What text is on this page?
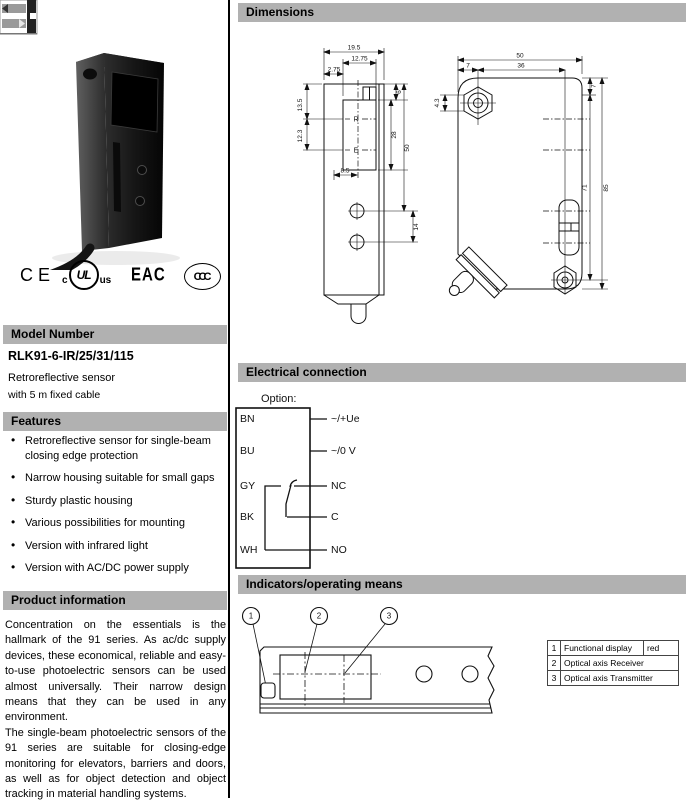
CE c UL us EAC	CCC
Model Number
RLK91-6-IR/25/31/115
Retroreflective sensor
with 5 m fixed cable
Features
• Retroreflective sensor for single-beam closing edge protection
• Narrow housing suitable for small gaps
• Sturdy plastic housing
• Various possibilities for mounting
• Version with infrared light
• Version with AC/DC power supply
Product information

Concentration on the essentials is the hallmark of the 91 series. As ac/dc supply devices, these economical, reliable and easy-to-use photoelectric sensors can be used almost universally. Their narrow design means that they can be used in any environment.

The single-beam photoelectric sensors of the 91 series are suitable for closing-edge monitoring for elevators, barriers and doors, as well as for object detection and object tracking in material handling systems.

Dimensions
19.5
12.75
2.75
13.5
12.3
R
E
8.5
6
28
50
14
50
7	36
4.3
7
71 85
Electrical connection
Option:
BN
BU
GY
BK
WH
~/+Ue
~/0 V
NC
C
NO
Indicators/operating means
1	2	3
1	Functional display	red
2	Optical axis Receiver	
3	Optical axis Transmitter	
